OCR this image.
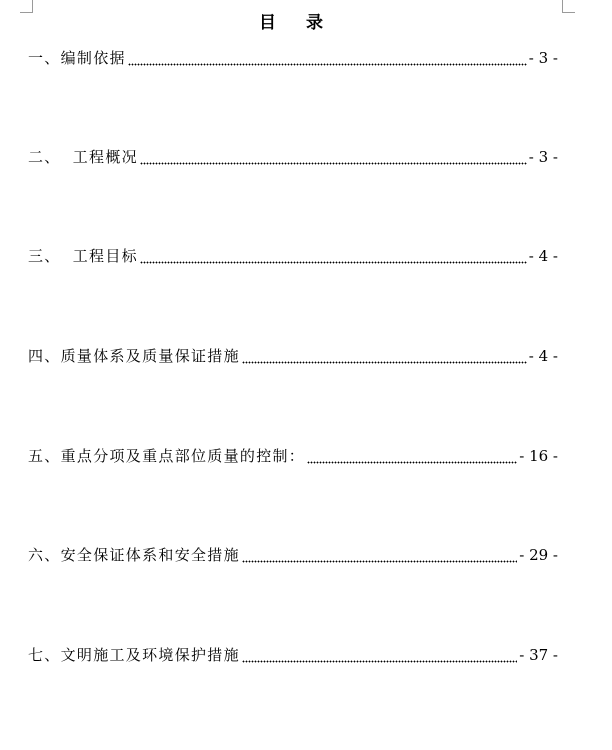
目 录
一、编制依据	- 3 -
二、  工程概况	- 3 -
三、  工程目标	- 4 -
四、质量体系及质量保证措施	- 4 -
五、重点分项及重点部位质量的控制：	- 16 -
六、安全保证体系和安全措施	- 29 -
七、文明施工及环境保护措施	- 37 -
